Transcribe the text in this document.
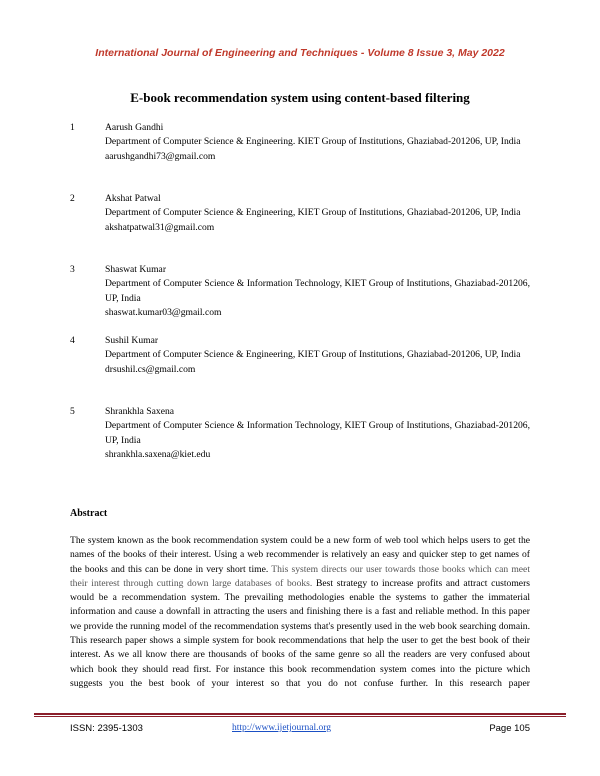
International Journal of Engineering and Techniques - Volume 8 Issue 3, May 2022
E-book recommendation system using content-based filtering
1	Aarush Gandhi
Department of Computer Science & Engineering. KIET Group of Institutions, Ghaziabad-201206, UP, India
aarushgandhi73@gmail.com
2	Akshat Patwal
Department of Computer Science & Engineering, KIET Group of Institutions, Ghaziabad-201206, UP, India
akshatpatwal31@gmail.com
3	Shaswat Kumar
Department of Computer Science & Information Technology, KIET Group of Institutions, Ghaziabad-201206, UP, India
shaswat.kumar03@gmail.com
4	Sushil Kumar
Department of Computer Science & Engineering, KIET Group of Institutions, Ghaziabad-201206, UP, India
drsushil.cs@gmail.com
5	Shrankhla Saxena
Department of Computer Science & Information Technology, KIET Group of Institutions, Ghaziabad-201206, UP, India
shrankhla.saxena@kiet.edu
Abstract
The system known as the book recommendation system could be a new form of web tool which helps users to get the names of the books of their interest. Using a web recommender is relatively an easy and quicker step to get names of the books and this can be done in very short time. This system directs our user towards those books which can meet their interest through cutting down large databases of books. Best strategy to increase profits and attract customers would be a recommendation system. The prevailing methodologies enable the systems to gather the immaterial information and cause a downfall in attracting the users and finishing there is a fast and reliable method. In this paper we provide the running model of the recommendation systems that's presently used in the web book searching domain. This research paper shows a simple system for book recommendations that help the user to get the best book of their interest. As we all know there are thousands of books of the same genre so all the readers are very confused about which book they should read first. For instance this book recommendation system comes into the picture which suggests you the best book of your interest so that you do not confuse further. In this research paper
ISSN: 2395-1303	http://www.ijetjournal.org	Page 105
